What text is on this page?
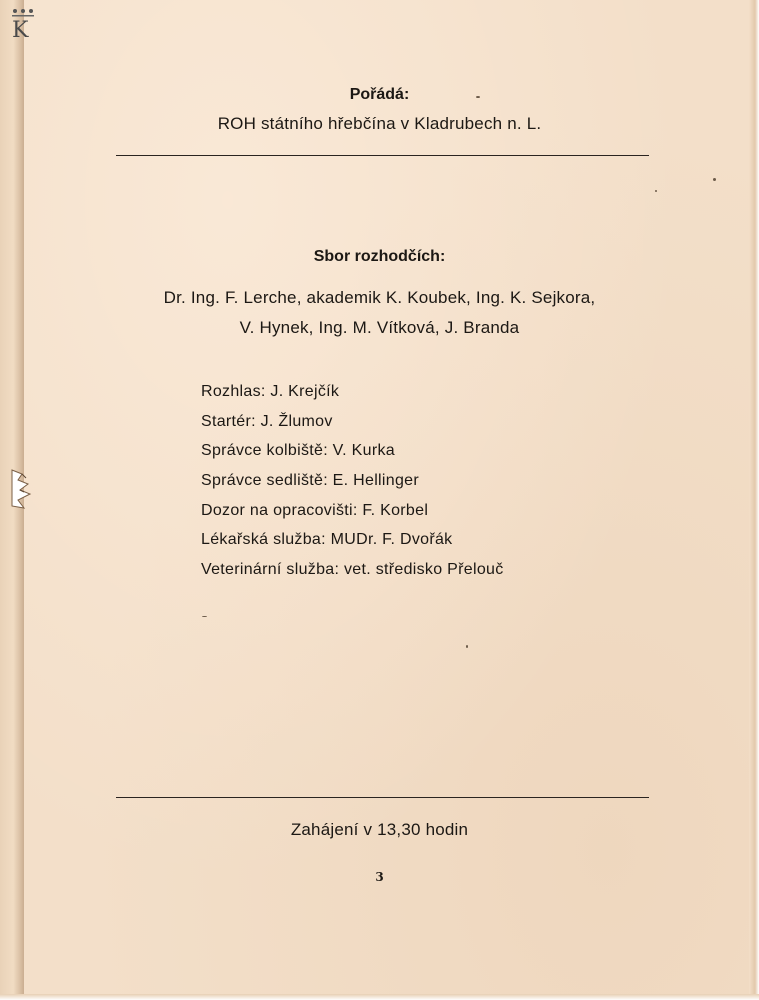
K
Pořádá:
ROH státního hřebčína v Kladrubech n. L.
Sbor rozhodčích:
Dr. Ing. F. Lerche, akademik K. Koubek, Ing. K. Sejkora,
V. Hynek, Ing. M. Vítková, J. Branda
Rozhlas: J. Krejčík
Startér: J. Žlumov
Správce kolbiště: V. Kurka
Správce sedliště: E. Hellinger
Dozor na opracovišti: F. Korbel
Lékařská služba: MUDr. F. Dvořák
Veterinární služba: vet. středisko Přelouč
Zahájení v 13,30 hodin
3
